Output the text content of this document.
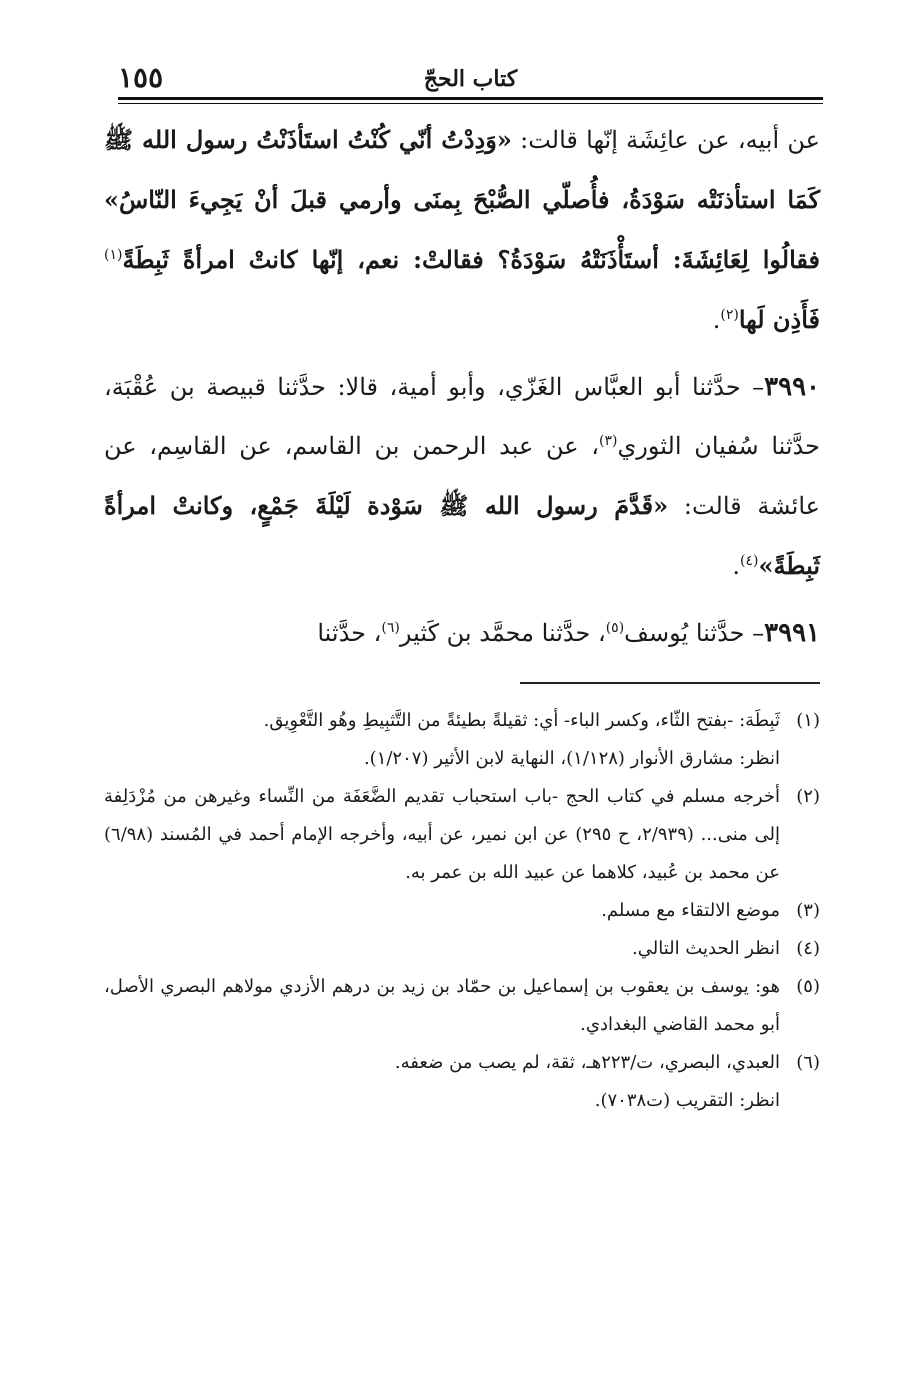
كتاب الحجّ
١٥٥

عن أبيه، عن عائِشَة إنّها قالت: «وَدِدْتُ أنّي كُنْتُ استَأذَنْتُ رسول الله ﷺ كَمَا استأذنَتْه سَوْدَةُ، فأُصلّي الصُّبْحَ بِمنَى وأرمي قبلَ أنْ يَجِيءَ النّاسُ» فقالُوا لِعَائِشَةَ: أستَأْذَنَتْهُ سَوْدَةُ؟ فقالتْ: نعم، إنّها كانتْ امرأةً ثَبِطَةً$^{(١)}$ فَأَذِن لَها$^{(٢)}$.

٣٩٩٠– حدَّثنا أبو العبَّاس الغَزّي، وأبو أمية، قالا: حدَّثنا قبيصة بن عُقْبَة، حدَّثنا سُفيان الثوري$^{(٣)}$، عن عبد الرحمن بن القاسم، عن القاسِم، عن عائشة قالت: «قَدَّمَ رسول الله ﷺ سَوْدة لَيْلَةَ جَمْعٍ، وكانتْ امرأةً ثَبِطَةً»$^{(٤)}$.

٣٩٩١– حدَّثنا يُوسف$^{(٥)}$، حدَّثنا محمَّد بن كَثير$^{(٦)}$، حدَّثنا

(١)
ثَبِطَة: -بفتح الثّاء، وكسر الباء- أي: ثقيلةً بطيئةً من التَّثبِيطِ وهُو التَّعْوِيق.
انظر: مشارق الأنوار (١/١٢٨)، النهاية لابن الأثير (١/٢٠٧).
(٢)
أخرجه مسلم في كتاب الحج -باب استحباب تقديم الضَّعَفَة من النِّساء وغيرهن من مُزْدَلِفة إلى منى... (٢/٩٣٩، ح ٢٩٥) عن ابن نمير، عن أبيه، وأخرجه الإمام أحمد في المُسند (٦/٩٨) عن محمد بن عُبيد، كلاهما عن عبيد الله بن عمر به.
(٣)
موضع الالتقاء مع مسلم.
(٤)
انظر الحديث التالي.
(٥)
هو: يوسف بن يعقوب بن إسماعيل بن حمّاد بن زيد بن درهم الأزدي مولاهم البصري الأصل، أبو محمد القاضي البغدادي.
(٦)
العبدي، البصري، ت/٢٢٣هـ، ثقة، لم يصب من ضعفه.
انظر: التقريب (ت٧٠٣٨).
